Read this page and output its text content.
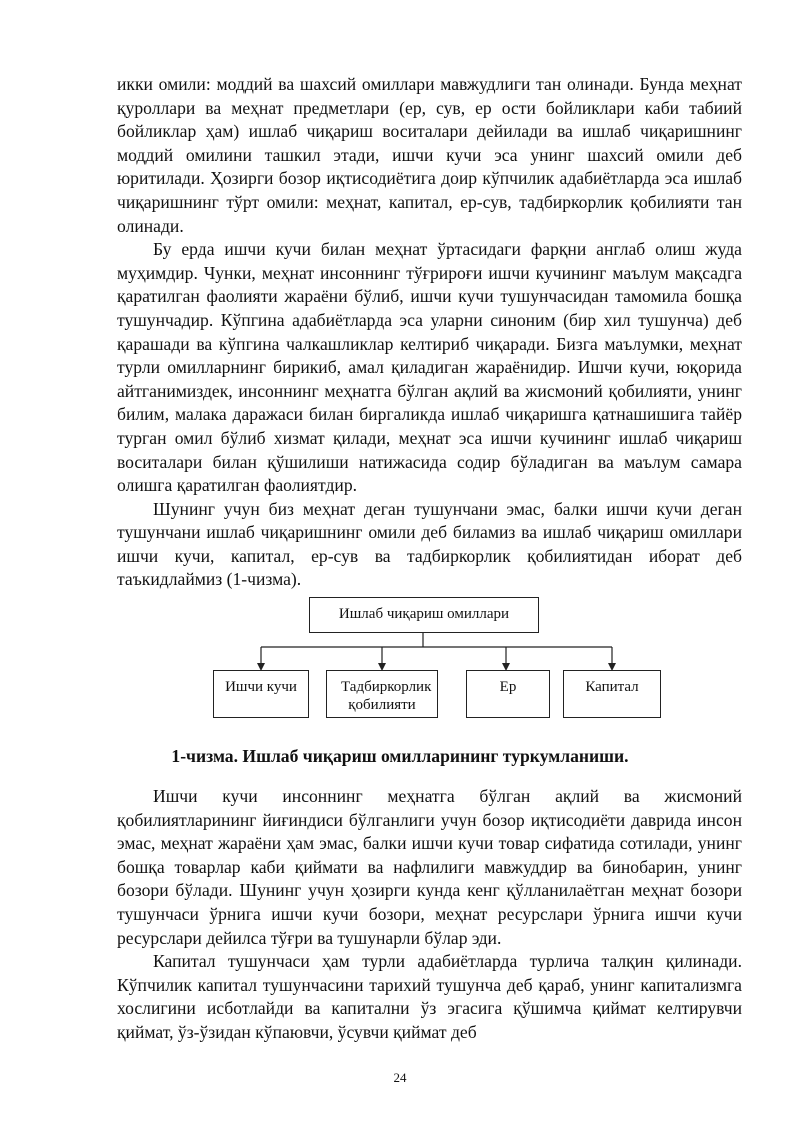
икки омили: моддий ва шахсий омиллари мавжудлиги тан олинади. Бунда меҳнат қуроллари ва меҳнат предметлари (ер, сув, ер ости бойликлари каби табиий бойликлар ҳам) ишлаб чиқариш воситалари дейилади ва ишлаб чиқаришнинг моддий омилини ташкил этади, ишчи кучи эса унинг шахсий омили деб юритилади. Ҳозирги бозор иқтисодиётига доир кўпчилик адабиётларда эса ишлаб чиқаришнинг тўрт омили: меҳнат, капитал, ер-сув, тадбиркорлик қобилияти тан олинади.

Бу ерда ишчи кучи билан меҳнат ўртасидаги фарқни англаб олиш жуда муҳимдир. Чунки, меҳнат инсоннинг тўғрироғи ишчи кучининг маълум мақсадга қаратилган фаолияти жараёни бўлиб, ишчи кучи тушунчасидан тамомила бошқа тушунчадир. Кўпгина адабиётларда эса уларни синоним (бир хил тушунча) деб қарашади ва кўпгина чалкашликлар келтириб чиқаради. Бизга маълумки, меҳнат турли омилларнинг бирикиб, амал қиладиган жараёнидир. Ишчи кучи, юқорида айтганимиздек, инсоннинг меҳнатга бўлган ақлий ва жисмоний қобилияти, унинг билим, малака даражаси билан биргаликда ишлаб чиқаришга қатнашишига тайёр турган омил бўлиб хизмат қилади, меҳнат эса ишчи кучининг ишлаб чиқариш воситалари билан қўшилиши натижасида содир бўладиган ва маълум самара олишга қаратилган фаолиятдир.

Шунинг учун биз меҳнат деган тушунчани эмас, балки ишчи кучи деган тушунчани ишлаб чиқаришнинг омили деб биламиз ва ишлаб чиқариш омиллари ишчи кучи, капитал, ер-сув ва тадбиркорлик қобилиятидан иборат деб таъкидлаймиз (1-чизма).

Ишлаб чиқариш омиллари
Ишчи кучи	Тадбиркорлик қобилияти
Ер	Капитал

1-чизма. Ишлаб чиқариш омилларининг туркумланиши.

Ишчи кучи инсоннинг меҳнатга бўлган ақлий ва жисмоний қобилиятларининг йиғиндиси бўлганлиги учун бозор иқтисодиёти даврида инсон эмас, меҳнат жараёни ҳам эмас, балки ишчи кучи товар сифатида сотилади, унинг бошқа товарлар каби қиймати ва нафлилиги мавжуддир ва бинобарин, унинг бозори бўлади. Шунинг учун ҳозирги кунда кенг қўлланилаётган меҳнат бозори тушунчаси ўрнига ишчи кучи бозори, меҳнат ресурслари ўрнига ишчи кучи ресурслари дейилса тўғри ва тушунарли бўлар эди.

Капитал тушунчаси ҳам турли адабиётларда турлича талқин қилинади. Кўпчилик капитал тушунчасини тарихий тушунча деб қараб, унинг капитализмга хослигини исботлайди ва капитални ўз эгасига қўшимча қиймат келтирувчи қиймат, ўз-ўзидан кўпаювчи, ўсувчи қиймат деб

24
